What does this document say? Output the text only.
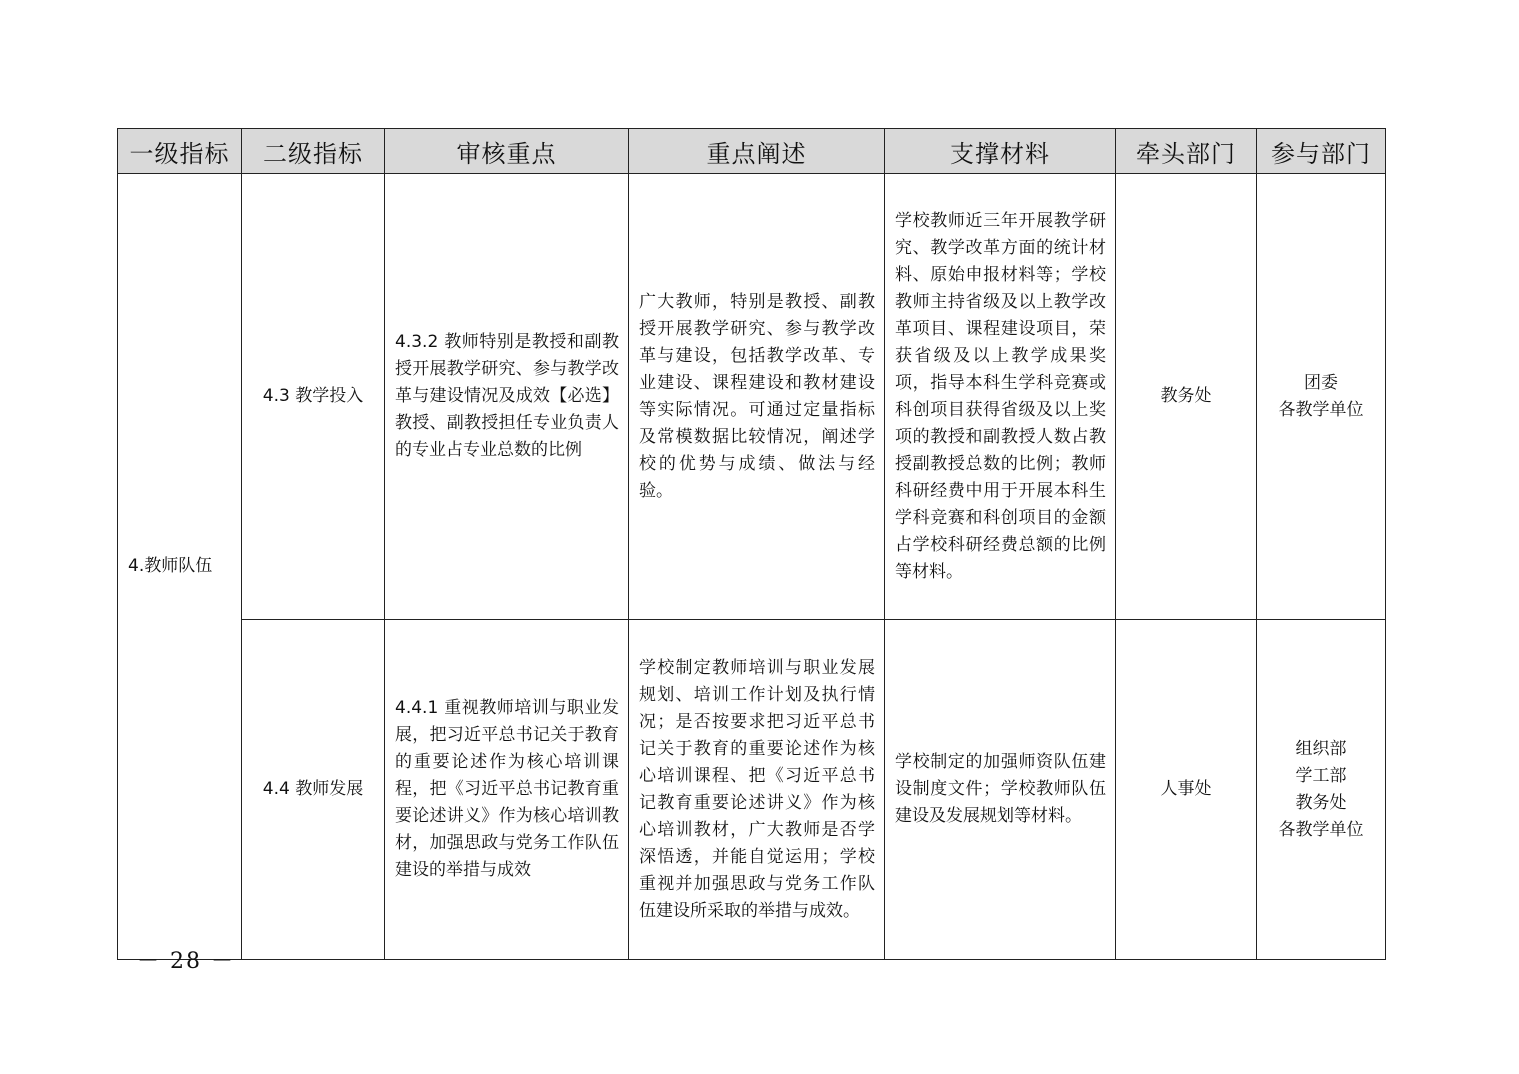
一级指标	二级指标	审核重点	重点阐述	支撑材料	牵头部门	参与部门
4.教师队伍	4.3 教学投入	4.3.2 教师特别是教授和副教授开展教学研究、参与教学改革与建设情况及成效【必选】教授、副教授担任专业负责人的专业占专业总数的比例	广大教师，特别是教授、副教授开展教学研究、参与教学改革与建设，包括教学改革、专业建设、课程建设和教材建设 等实际情况。可通过定量指标及常模数据比较情况，阐述学校的优势与成绩、做法与经验。	学校教师近三年开展教学研究、教学改革方面的统计材料、原始申报材料等；学校教师主持省级及以上教学改革项目、课程建设项目，荣获省级及以上教学成果奖项，指导本科生学科竞赛或科创项目获得省级及以上奖项的教授和副教授人数占教授副教授总数的比例；教师科研经费中用于开展本科生学科竞赛和科创项目的金额占学校科研经费总额的比例等材料。	教务处	团委
各教学单位
	4.4 教师发展	4.4.1 重视教师培训与职业发展，把习近平总书记关于教育的重要论述作为核心培训课程，把《习近平总书记教育重要论述讲义》作为核心培训教材，加强思政与党务工作队伍建设的举措与成效	学校制定教师培训与职业发展规划、培训工作计划及执行情况；是否按要求把习近平总书记关于教育的重要论述作为核心培训课程、把《习近平总书记教育重要论述讲义》作为核心培训教材，广大教师是否学深悟透，并能自觉运用；学校重视并加强思政与党务工作队伍建设所采取的举措与成效。	学校制定的加强师资队伍建设制度文件；学校教师队伍建设及发展规划等材料。	人事处	组织部
学工部
教务处
各教学单位
－ 28 －
